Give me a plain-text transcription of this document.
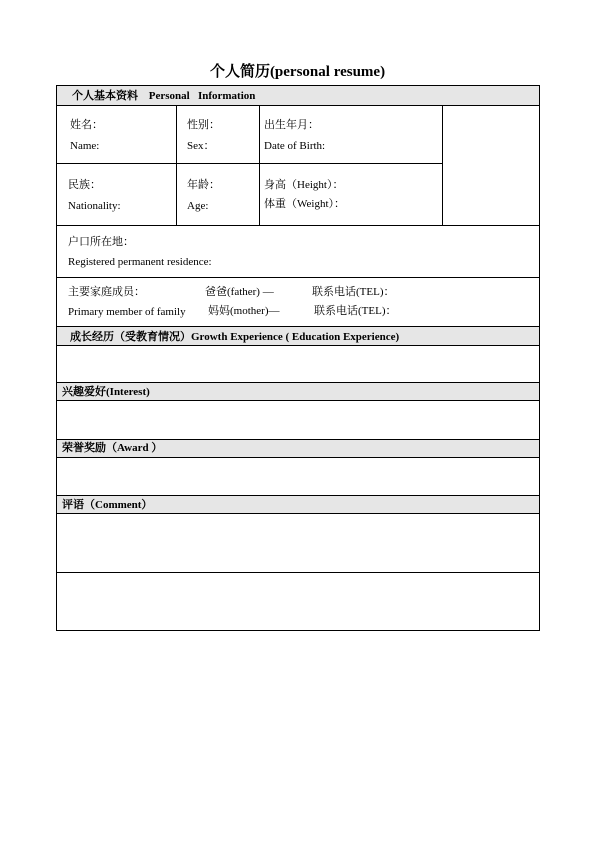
个人简历(personal resume)
个人基本资料 Personal   Information
成长经历（受教育情况）Growth Experience ( Education Experience)
兴趣爱好(Interest)
荣誉奖励（Award ）
评语（Comment）
姓名：
Name:
性别：
Sex：
出生年月：
Date of Birth:
民族：
Nationality:
年龄：
Age:
身高（Height）：
体重（Weight）：
户口所在地：
Registered permanent residence:
主要家庭成员：
Primary member of family
爸爸(father) —
妈妈(mother)—
联系电话(TEL)：
联系电话(TEL)：
